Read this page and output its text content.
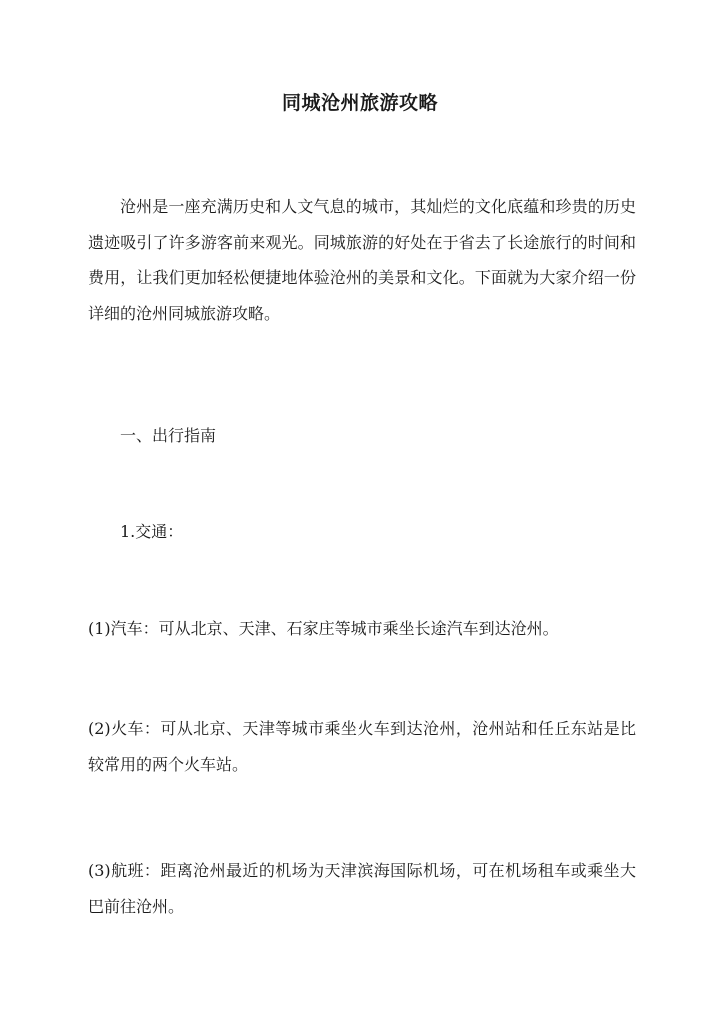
同城沧州旅游攻略
沧州是一座充满历史和人文气息的城市，其灿烂的文化底蕴和珍贵的历史遗迹吸引了许多游客前来观光。同城旅游的好处在于省去了长途旅行的时间和费用，让我们更加轻松便捷地体验沧州的美景和文化。下面就为大家介绍一份详细的沧州同城旅游攻略。
一、出行指南
1.交通：
(1)汽车：可从北京、天津、石家庄等城市乘坐长途汽车到达沧州。
(2)火车：可从北京、天津等城市乘坐火车到达沧州，沧州站和任丘东站是比较常用的两个火车站。
(3)航班：距离沧州最近的机场为天津滨海国际机场，可在机场租车或乘坐大巴前往沧州。
